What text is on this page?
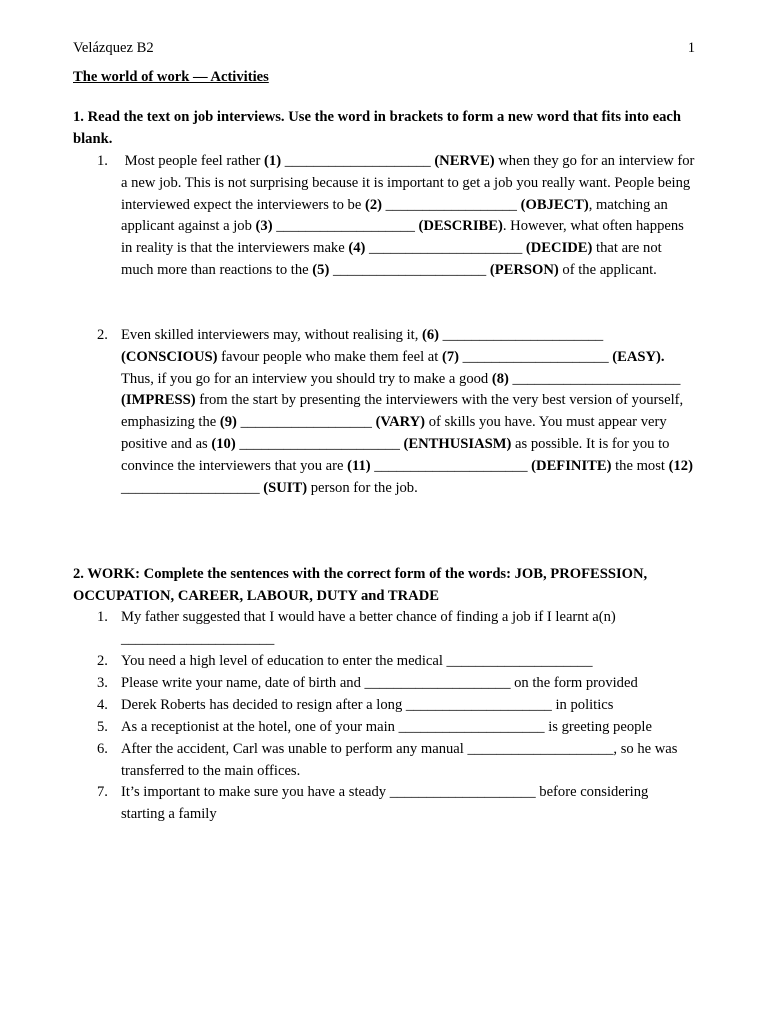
Velázquez B2	1
The world of work — Activities
1. Read the text on job interviews. Use the word in brackets to form a new word that fits into each blank.
1. Most people feel rather (1) ____________________ (NERVE) when they go for an interview for a new job. This is not surprising because it is important to get a job you really want. People being interviewed expect the interviewers to be (2) __________________ (OBJECT), matching an applicant against a job (3) ___________________ (DESCRIBE). However, what often happens in reality is that the interviewers make (4) _____________________ (DECIDE) that are not much more than reactions to the (5) _____________________ (PERSON) of the applicant.
2. Even skilled interviewers may, without realising it, (6) ______________________ (CONSCIOUS) favour people who make them feel at (7) ____________________ (EASY). Thus, if you go for an interview you should try to make a good (8) _______________________ (IMPRESS) from the start by presenting the interviewers with the very best version of yourself, emphasizing the (9) __________________ (VARY) of skills you have. You must appear very positive and as (10) ______________________ (ENTHUSIASM) as possible. It is for you to convince the interviewers that you are (11) _____________________ (DEFINITE) the most (12) ___________________ (SUIT) person for the job.
2. WORK: Complete the sentences with the correct form of the words: JOB, PROFESSION, OCCUPATION, CAREER, LABOUR, DUTY and TRADE
1. My father suggested that I would have a better chance of finding a job if I learnt a(n) _____________________
2. You need a high level of education to enter the medical ____________________
3. Please write your name, date of birth and ____________________ on the form provided
4. Derek Roberts has decided to resign after a long ____________________ in politics
5. As a receptionist at the hotel, one of your main ____________________ is greeting people
6. After the accident, Carl was unable to perform any manual ____________________, so he was transferred to the main offices.
7. It’s important to make sure you have a steady ____________________ before considering starting a family
